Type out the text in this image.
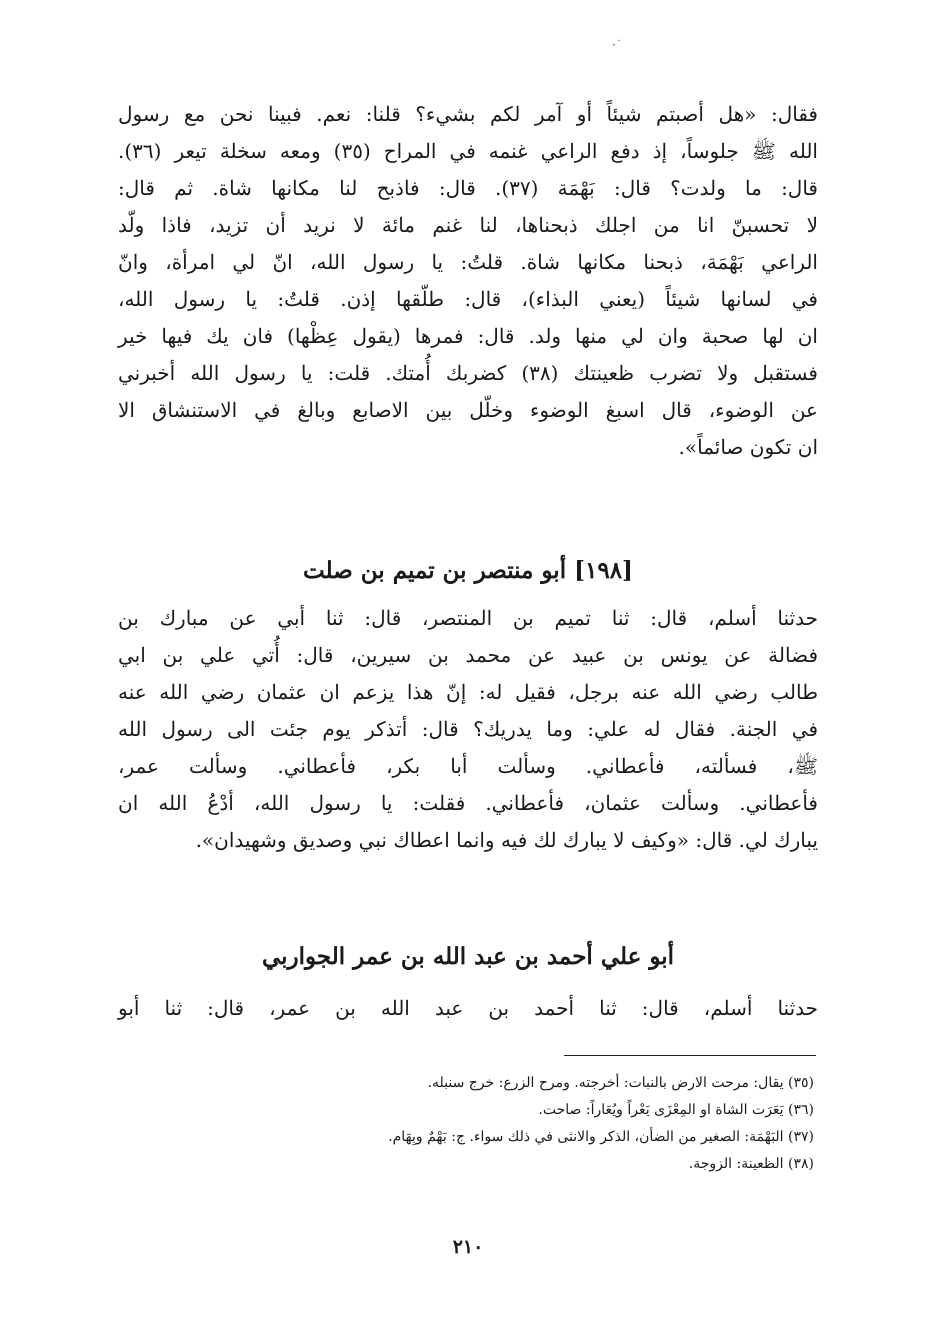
·˙
فقال: «هل أصبتم شيئاً أو آمر لكم بشيء؟ قلنا: نعم. فبينا نحن مع رسول
الله ﷺ جلوساً، إذ دفع الراعي غنمه في المراح (٣٥) ومعه سخلة تيعر (٣٦).
قال: ما ولدت؟ قال: بَهْمَة (٣٧). قال: فاذبح لنا مكانها شاة. ثم قال:
لا تحسبنّ انا من اجلك ذبحناها، لنا غنم مائة لا نريد أن تزيد، فاذا ولّد
الراعي بَهْمَة، ذبحنا مكانها شاة. قلتُ: يا رسول الله، انّ لي امرأة، وانّ
في لسانها شيئاً (يعني البذاء)، قال: طلّقها إذن. قلتُ: يا رسول الله،
ان لها صحبة وان لي منها ولد. قال: فمرها (يقول عِظْها) فان يك فيها خير
فستقبل ولا تضرب ظعينتك (٣٨) كضربك أُمتك. قلت: يا رسول الله أخبرني
عن الوضوء، قال اسبغ الوضوء وخلّل بين الاصابع وبالغ في الاستنشاق الا
ان تكون صائماً».
[١٩٨] أبو منتصر بن تميم بن صلت
حدثنا أسلم، قال: ثنا تميم بن المنتصر، قال: ثنا أبي عن مبارك بن
فضالة عن يونس بن عبيد عن محمد بن سيرين، قال: أُتي علي بن ابي
طالب رضي الله عنه برجل، فقيل له: إنّ هذا يزعم ان عثمان رضي الله عنه
في الجنة. فقال له علي: وما يدريك؟ قال: أتذكر يوم جئت الى رسول الله
ﷺ، فسألته، فأعطاني. وسألت أبا بكر، فأعطاني. وسألت عمر،
فأعطاني. وسألت عثمان، فأعطاني. فقلت: يا رسول الله، أدْعُ الله ان
يبارك لي. قال: «وكيف لا يبارك لك فيه وانما اعطاك نبي وصديق وشهيدان».
أبو علي أحمد بن عبد الله بن عمر الجواربي
حدثنا أسلم، قال: ثنا أحمد بن عبد الله بن عمر، قال: ثنا أبو
(٣٥) يقال: مرحت الارض بالنبات: أخرجته. ومرح الزرع: خرج سنبله.
(٣٦) يَعَرَت الشاة او المِعْزَى يَعْراً ويُعَاراً: صاحت.
(٣٧) البَهْمَة: الصغير من الضأن، الذكر والانثى في ذلك سواء. ج: بَهْمٌ وبِهَام.
(٣٨) الظعينة: الزوجة.
٢١٠
